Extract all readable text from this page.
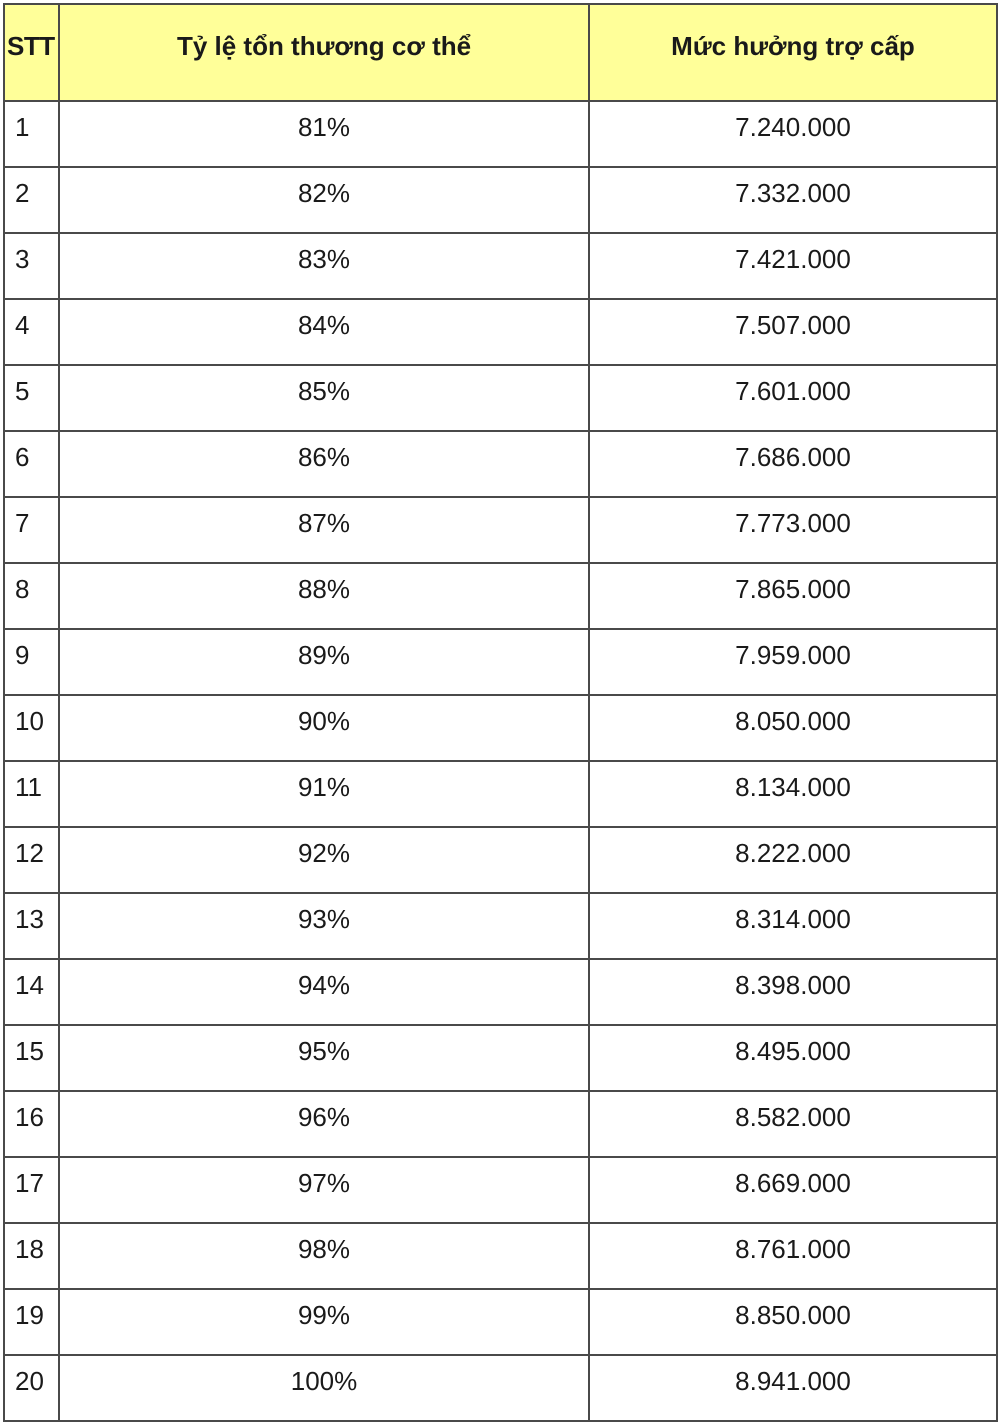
STT	Tỷ lệ tổn thương cơ thể	Mức hưởng trợ cấp
1	81%	7.240.000
2	82%	7.332.000
3	83%	7.421.000
4	84%	7.507.000
5	85%	7.601.000
6	86%	7.686.000
7	87%	7.773.000
8	88%	7.865.000
9	89%	7.959.000
10	90%	8.050.000
11	91%	8.134.000
12	92%	8.222.000
13	93%	8.314.000
14	94%	8.398.000
15	95%	8.495.000
16	96%	8.582.000
17	97%	8.669.000
18	98%	8.761.000
19	99%	8.850.000
20	100%	8.941.000
